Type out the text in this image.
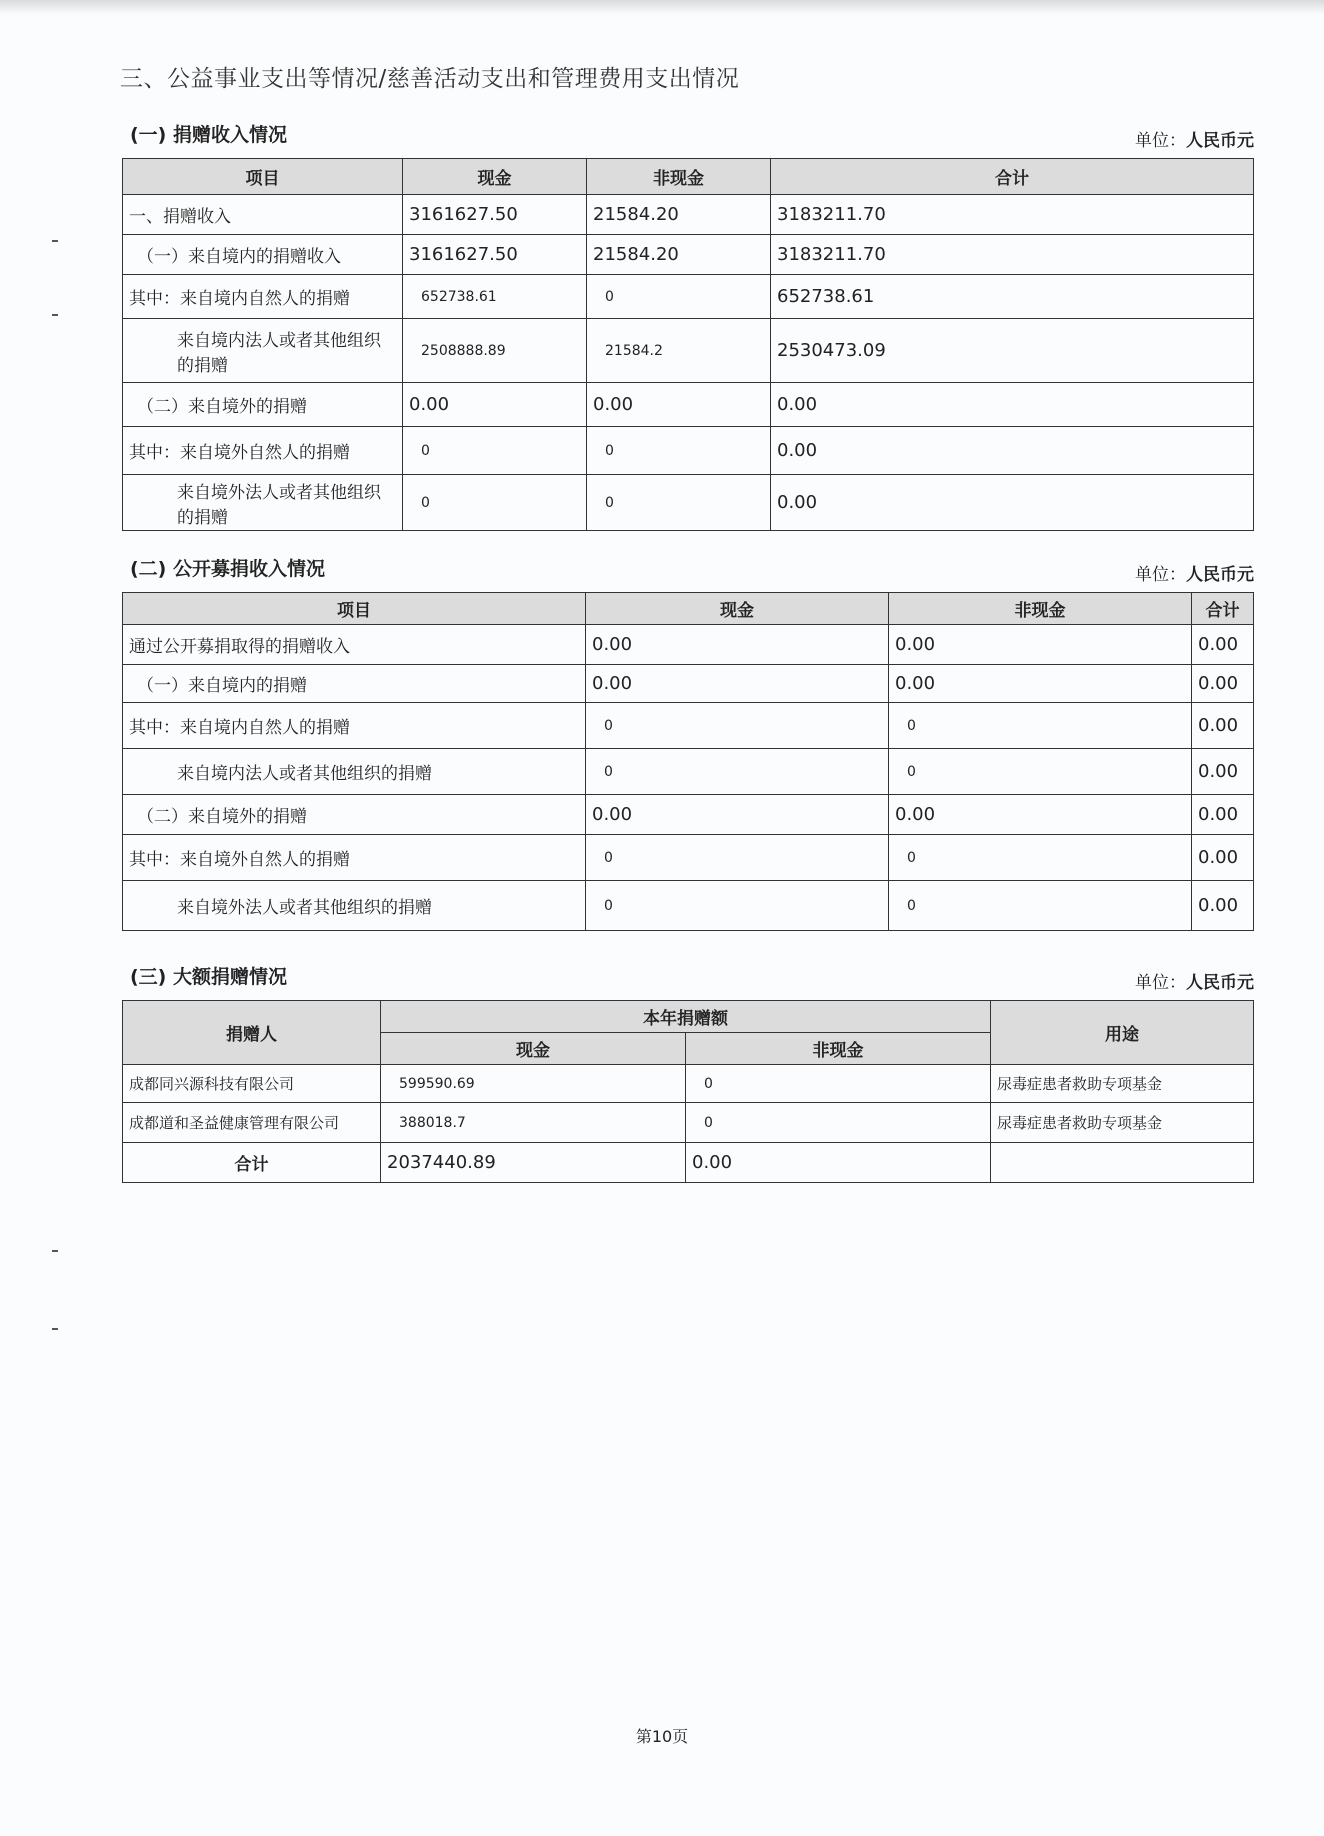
三、公益事业支出等情况/慈善活动支出和管理费用支出情况
(一) 捐赠收入情况	单位：人民币元
项目	现金	非现金	合计
一、捐赠收入	3161627.50	21584.20	3183211.70
（一）来自境内的捐赠收入	3161627.50	21584.20	3183211.70
其中：来自境内自然人的捐赠	652738.61	0	652738.61
来自境内法人或者其他组织的捐赠	2508888.89	21584.2	2530473.09
（二）来自境外的捐赠	0.00	0.00	0.00
其中：来自境外自然人的捐赠	0	0	0.00
来自境外法人或者其他组织的捐赠	0	0	0.00
(二) 公开募捐收入情况	单位：人民币元
项目	现金	非现金	合计
通过公开募捐取得的捐赠收入	0.00	0.00	0.00
（一）来自境内的捐赠	0.00	0.00	0.00
其中：来自境内自然人的捐赠	0	0	0.00
来自境内法人或者其他组织的捐赠	0	0	0.00
（二）来自境外的捐赠	0.00	0.00	0.00
其中：来自境外自然人的捐赠	0	0	0.00
来自境外法人或者其他组织的捐赠	0	0	0.00
(三) 大额捐赠情况	单位：人民币元
捐赠人	本年捐赠额		用途
	现金	非现金	
成都同兴源科技有限公司	599590.69	0	尿毒症患者救助专项基金
成都道和圣益健康管理有限公司	388018.7	0	尿毒症患者救助专项基金
合计	2037440.89	0.00	
第10页
